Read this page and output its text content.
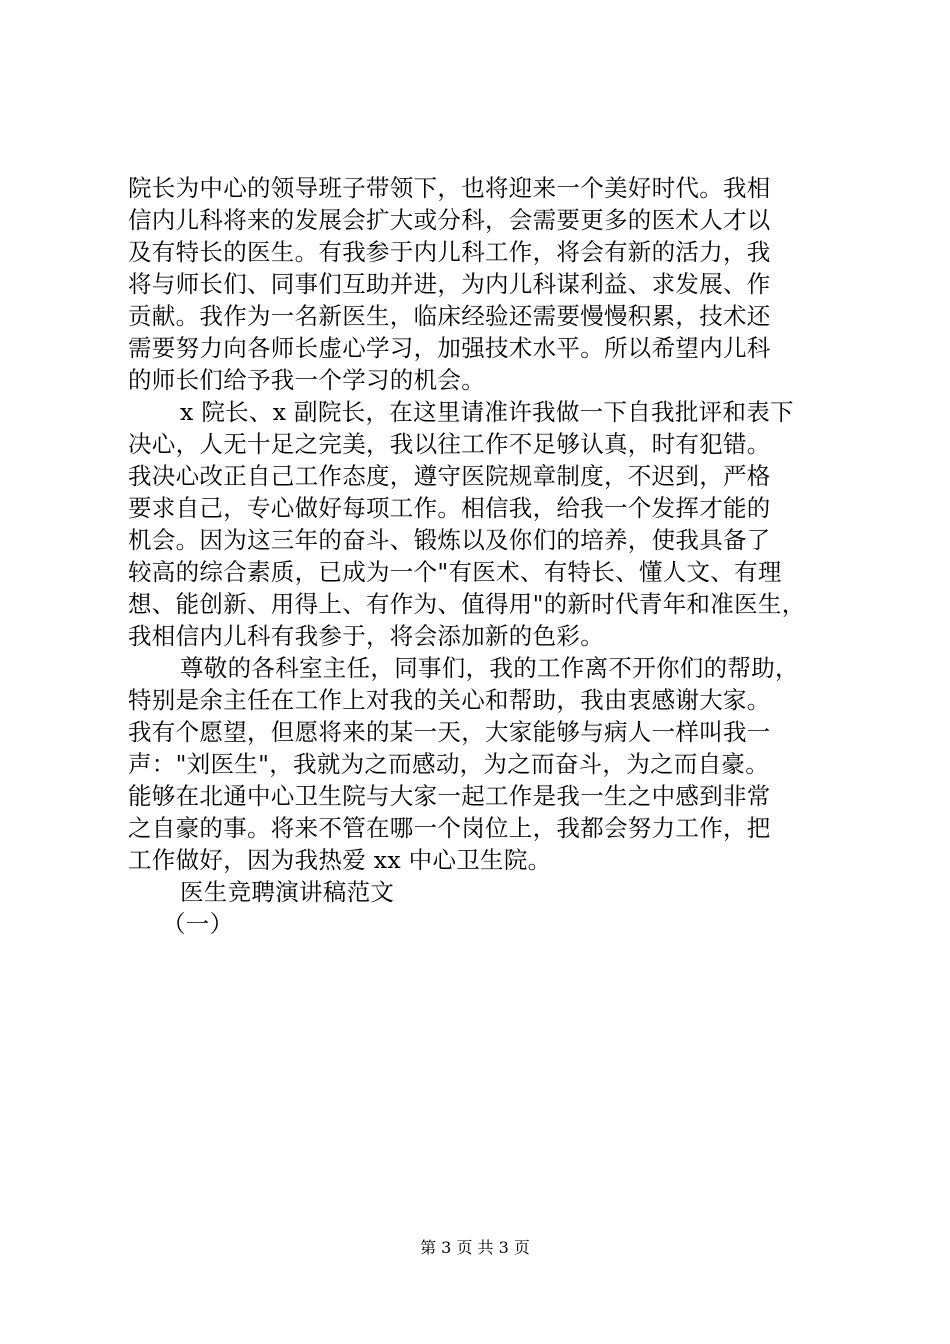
院长为中心的领导班子带领下，也将迎来一个美好时代。我相
信内儿科将来的发展会扩大或分科，会需要更多的医术人才以
及有特长的医生。有我参于内儿科工作，将会有新的活力，我
将与师长们、同事们互助并进，为内儿科谋利益、求发展、作
贡献。我作为一名新医生，临床经验还需要慢慢积累，技术还
需要努力向各师长虚心学习，加强技术水平。所以希望内儿科
的师长们给予我一个学习的机会。
x 院长、x 副院长，在这里请准许我做一下自我批评和表下
决心，人无十足之完美，我以往工作不足够认真，时有犯错。
我决心改正自己工作态度，遵守医院规章制度，不迟到，严格
要求自己，专心做好每项工作。相信我，给我一个发挥才能的
机会。因为这三年的奋斗、锻炼以及你们的培养，使我具备了
较高的综合素质，已成为一个"有医术、有特长、懂人文、有理
想、能创新、用得上、有作为、值得用"的新时代青年和准医生，
我相信内儿科有我参于，将会添加新的色彩。
尊敬的各科室主任，同事们，我的工作离不开你们的帮助，
特别是余主任在工作上对我的关心和帮助，我由衷感谢大家。
我有个愿望，但愿将来的某一天，大家能够与病人一样叫我一
声："刘医生"，我就为之而感动，为之而奋斗，为之而自豪。
能够在北通中心卫生院与大家一起工作是我一生之中感到非常
之自豪的事。将来不管在哪一个岗位上，我都会努力工作，把
工作做好，因为我热爱 xx 中心卫生院。
医生竞聘演讲稿范文
（一）
第 3 页 共 3 页
